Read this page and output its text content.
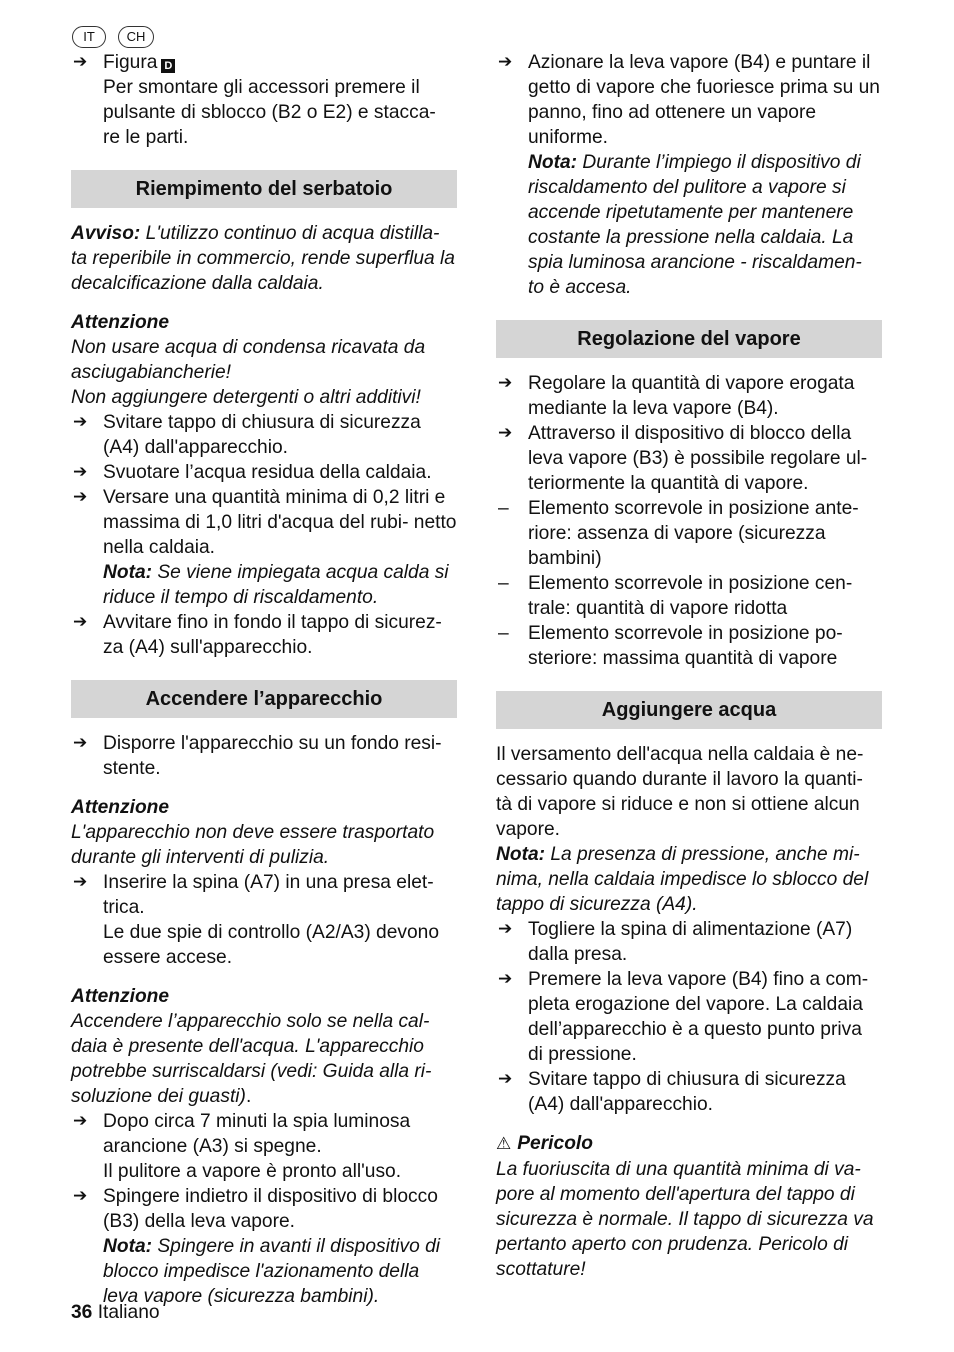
IT	CH
➔ Figura D
Per smontare gli accessori premere il pulsante di sblocco (B2 o E2) e stacca- re le parti.
Riempimento del serbatoio
Avviso: L'utilizzo continuo di acqua distilla- ta reperibile in commercio, rende superflua la decalcificazione dalla caldaia.
Attenzione
Non usare acqua di condensa ricavata da asciugabiancherie!
Non aggiungere detergenti o altri additivi!
➔ Svitare tappo di chiusura di sicurezza (A4) dall'apparecchio.
➔ Svuotare l’acqua residua della caldaia.
➔ Versare una quantità minima di 0,2 litri e massima di 1,0 litri d'acqua del rubi- netto nella caldaia.
Nota: Se viene impiegata acqua calda si riduce il tempo di riscaldamento.
➔ Avvitare fino in fondo il tappo di sicurez- za (A4) sull'apparecchio.
Accendere l’apparecchio
➔ Disporre l'apparecchio su un fondo resi- stente.
Attenzione
L'apparecchio non deve essere trasportato durante gli interventi di pulizia.
➔ Inserire la spina (A7) in una presa elet- trica.
Le due spie di controllo (A2/A3) devono essere accese.
Attenzione
Accendere l’apparecchio solo se nella cal- daia è presente dell'acqua. L'apparecchio potrebbe surriscaldarsi (vedi: Guida alla ri- soluzione dei guasti).
➔ Dopo circa 7 minuti la spia luminosa arancione (A3) si spegne.
Il pulitore a vapore è pronto all'uso.
➔ Spingere indietro il dispositivo di blocco (B3) della leva vapore.
Nota: Spingere in avanti il dispositivo di blocco impedisce l'azionamento della leva vapore (sicurezza bambini).
➔ Azionare la leva vapore (B4) e puntare il getto di vapore che fuoriesce prima su un panno, fino ad ottenere un vapore uniforme.
Nota: Durante l’impiego il dispositivo di riscaldamento del pulitore a vapore si accende ripetutamente per mantenere costante la pressione nella caldaia. La spia luminosa arancione - riscaldamen- to è accesa.
Regolazione del vapore
➔ Regolare la quantità di vapore erogata mediante la leva vapore (B4).
➔ Attraverso il dispositivo di blocco della leva vapore (B3) è possibile regolare ul- teriormente la quantità di vapore.
– Elemento scorrevole in posizione ante- riore: assenza di vapore (sicurezza bambini)
– Elemento scorrevole in posizione cen- trale: quantità di vapore ridotta
– Elemento scorrevole in posizione po- steriore: massima quantità di vapore
Aggiungere acqua
Il versamento dell'acqua nella caldaia è ne- cessario quando durante il lavoro la quanti- tà di vapore si riduce e non si ottiene alcun vapore.
Nota: La presenza di pressione, anche mi- nima, nella caldaia impedisce lo sblocco del tappo di sicurezza (A4).
➔ Togliere la spina di alimentazione (A7) dalla presa.
➔ Premere la leva vapore (B4) fino a com- pleta erogazione del vapore. La caldaia dell’apparecchio è a questo punto priva di pressione.
➔ Svitare tappo di chiusura di sicurezza (A4) dall'apparecchio.
⚠ Pericolo
La fuoriuscita di una quantità minima di va- pore al momento dell'apertura del tappo di sicurezza è normale. Il tappo di sicurezza va pertanto aperto con prudenza. Pericolo di scottature!
36 Italiano
